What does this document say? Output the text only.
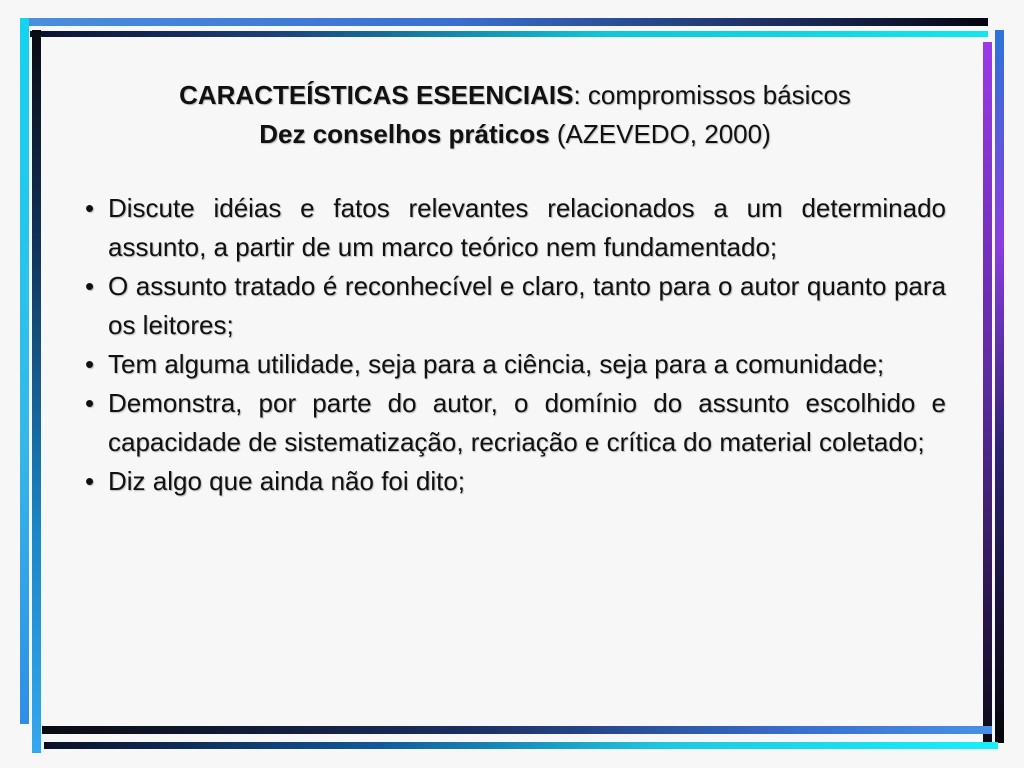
CARACTEÍSTICAS ESEENCIAIS: compromissos básicos

Dez conselhos práticos (AZEVEDO, 2000)

• Discute idéias e fatos relevantes relacionados a um determinado assunto, a partir de um marco teórico nem fundamentado;
• O assunto tratado é reconhecível e claro, tanto para o autor quanto para os leitores;
• Tem alguma utilidade, seja para a ciência, seja para a comunidade;
• Demonstra, por parte do autor, o domínio do assunto escolhido e capacidade de sistematização, recriação e crítica do material coletado;
• Diz algo que ainda não foi dito;
